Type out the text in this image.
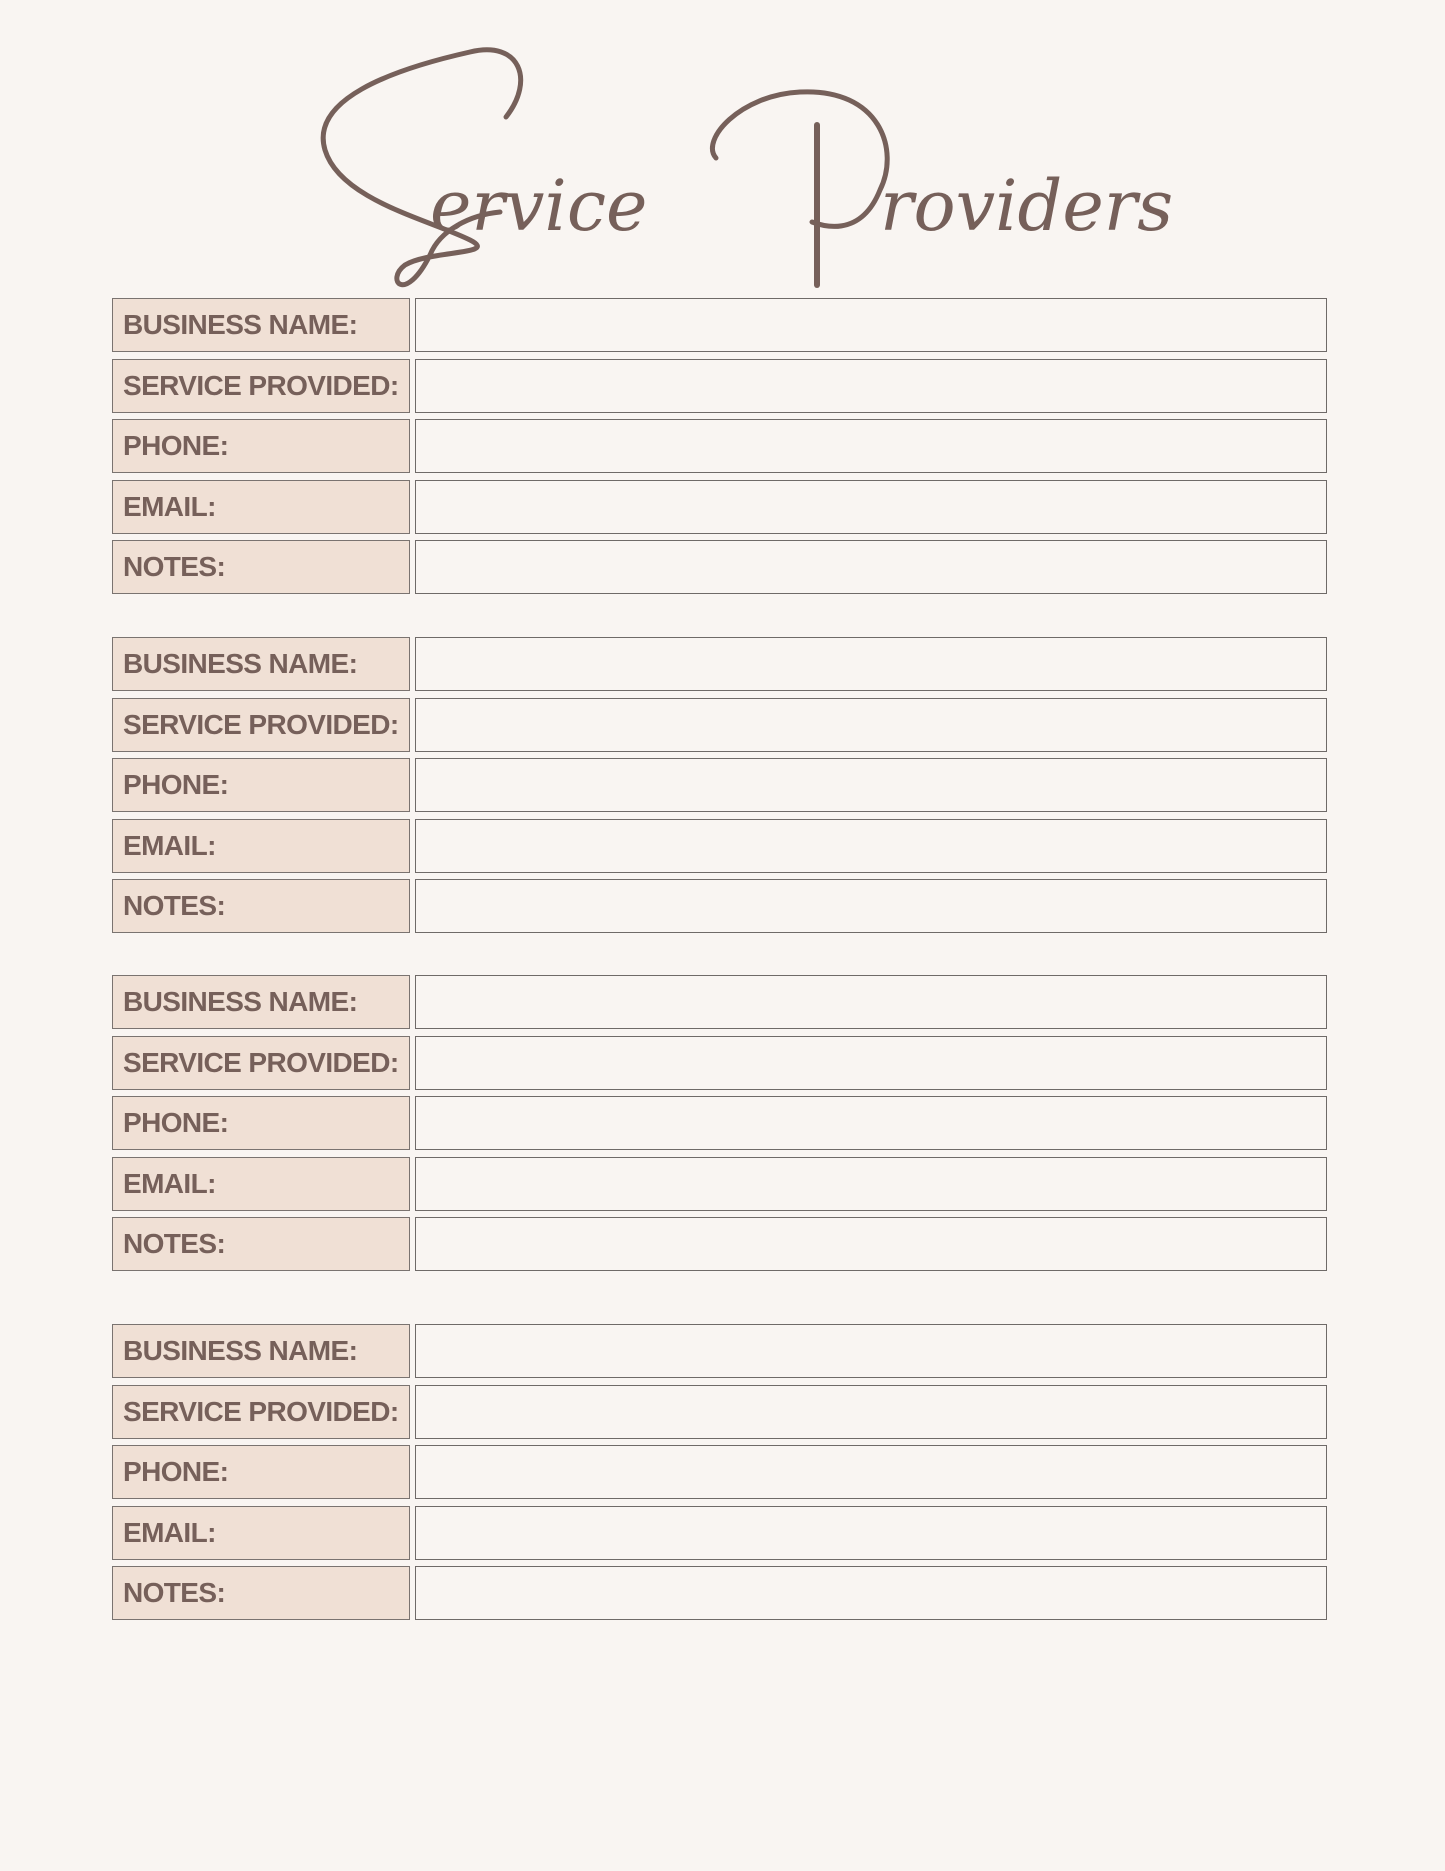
ervice	roviders
BUSINESS NAME:
SERVICE PROVIDED:
PHONE:
EMAIL:
NOTES:
BUSINESS NAME:
SERVICE PROVIDED:
PHONE:
EMAIL:
NOTES:
BUSINESS NAME:
SERVICE PROVIDED:
PHONE:
EMAIL:
NOTES:
BUSINESS NAME:
SERVICE PROVIDED:
PHONE:
EMAIL:
NOTES:
